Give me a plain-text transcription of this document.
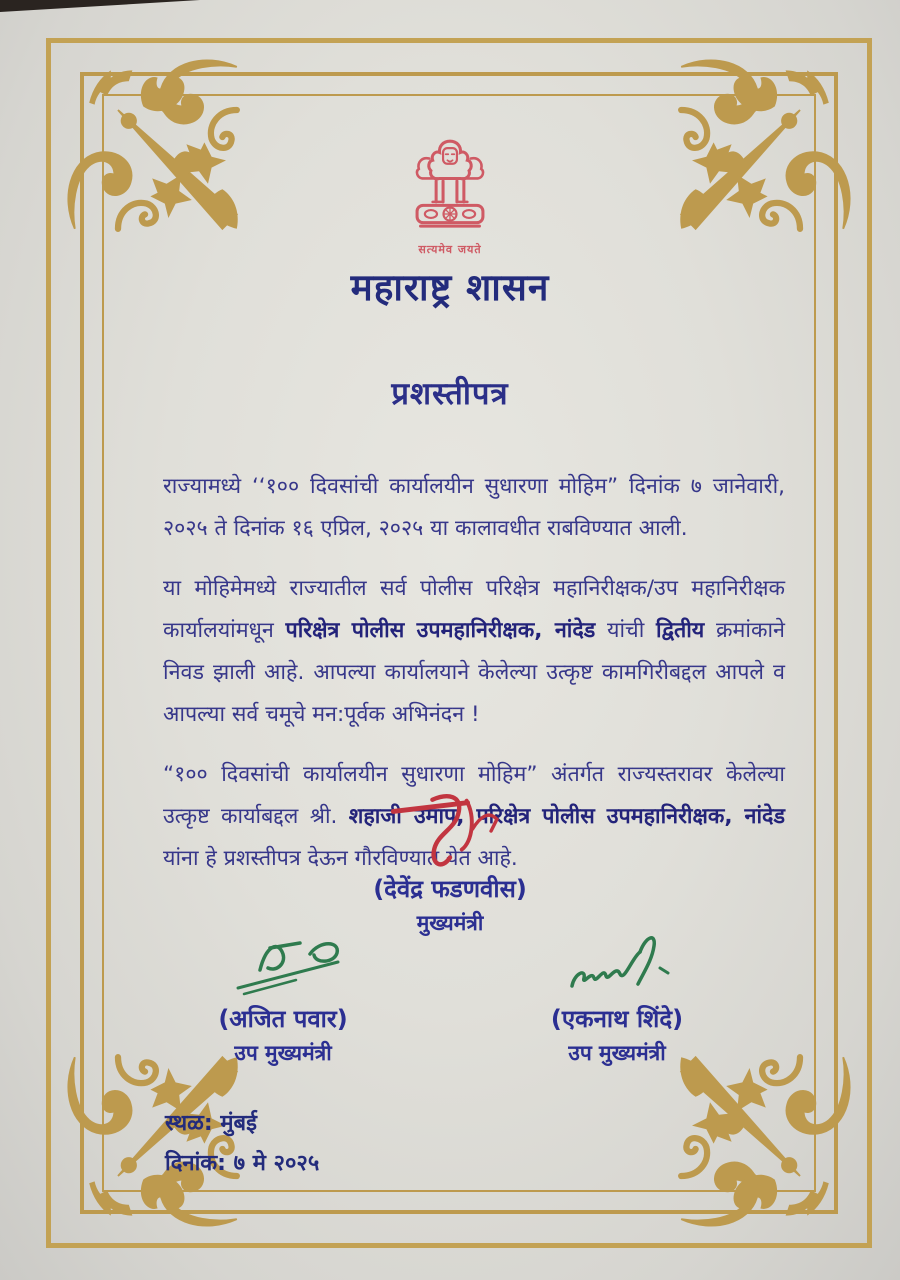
सत्यमेव जयते
महाराष्ट्र शासन
प्रशस्तीपत्र

राज्यामध्ये ‘‘१०० दिवसांची कार्यालयीन सुधारणा मोहिम” दिनांक ७ जानेवारी, २०२५ ते दिनांक १६ एप्रिल, २०२५ या कालावधीत राबविण्यात आली.

या मोहिमेमध्ये राज्यातील सर्व पोलीस परिक्षेत्र महानिरीक्षक/उप महानिरीक्षक कार्यालयांमधून परिक्षेत्र पोलीस उपमहानिरीक्षक, नांदेड यांची द्वितीय क्रमांकाने निवड झाली आहे. आपल्या कार्यालयाने केलेल्या उत्कृष्ट कामगिरीबद्दल आपले व आपल्या सर्व चमूचे मन:पूर्वक अभिनंदन !

“१०० दिवसांची कार्यालयीन सुधारणा मोहिम” अंतर्गत राज्यस्तरावर केलेल्या उत्कृष्ट कार्याबद्दल श्री. शहाजी उमाप, परिक्षेत्र पोलीस उपमहानिरीक्षक, नांदेड यांना हे प्रशस्तीपत्र देऊन गौरविण्यात येत आहे.

(देवेंद्र फडणवीस)
मुख्यमंत्री
(अजित पवार)
उप मुख्यमंत्री
(एकनाथ शिंदे)
उप मुख्यमंत्री
स्थळ: मुंबई
दिनांक: ७ मे २०२५
